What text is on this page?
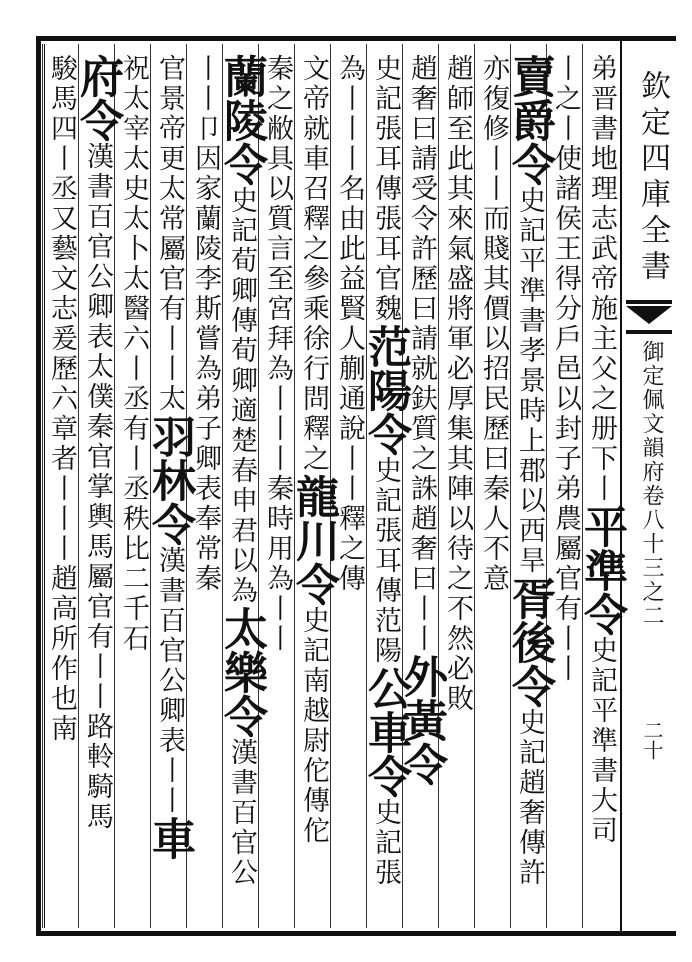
欽定四庫全書
御定佩文韻府卷八十三之二
二十
弟晋書地理志武帝施主父之册下丨平準令史記平準書大司
丨之丨使諸侯王得分戶邑以封子弟農屬官有丨丨
賣爵令史記平準書孝景時上郡以西旱胥後令史記趙奢傳許
亦復修丨丨而賤其價以招民歷曰秦人不意
趙師至此其來氣盛將軍必厚集其陣以待之不然必敗
趙奢曰請受令許歷曰請就鈇質之誅趙奢曰丨丨外黃令
史記張耳傳張耳官魏范陽令史記張耳傳范陽公車令史記張
為丨丨丨名由此益賢人蒯通說丨丨釋之傳
文帝就車召釋之參乘徐行問釋之龍川令史記南越尉佗傳佗
秦之敝具以質言至宮拜為丨丨丨秦時用為丨丨
蘭陵令史記荀卿傳荀卿適楚春申君以為太樂令漢書百官公
丨丨卩因家蘭陵李斯嘗為弟子卿表奉常秦
官景帝更太常屬官有丨丨太羽林令漢書百官公卿表丨丨車
祝太宰太史太卜太醫六丨丞有丨丞秩比二千石
府令漢書百官公卿表太僕秦官掌輿馬屬官有丨丨路軨騎馬
駿馬四丨丞又藝文志爰歷六章者丨丨丨趙高所作也南
